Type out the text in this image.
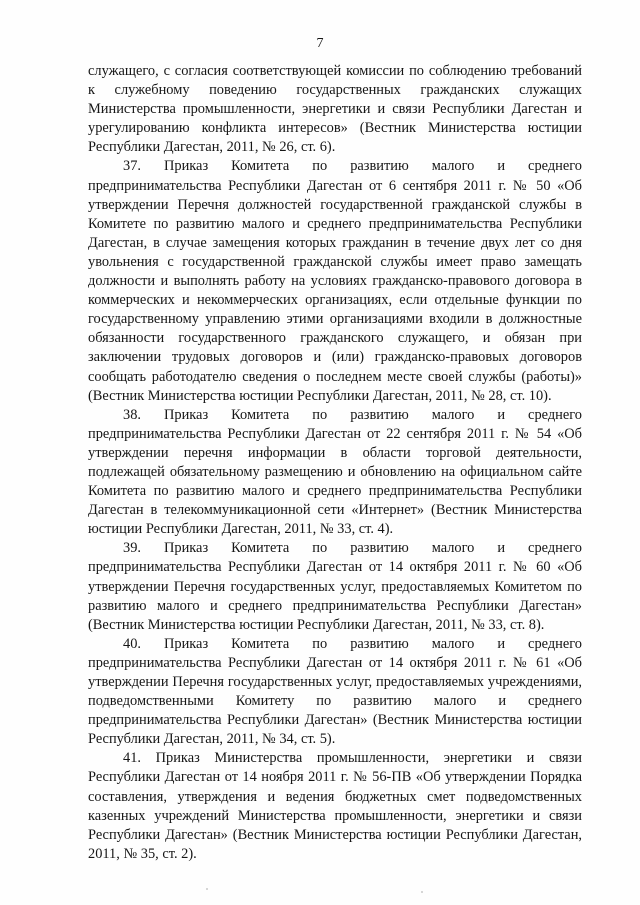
7

служащего, с согласия соответствующей комиссии по соблюдению требований к служебному поведению государственных гражданских служащих Министерства промышленности, энергетики и связи Республики Дагестан и урегулированию конфликта интересов» (Вестник Министерства юстиции Республики Дагестан, 2011, № 26, ст. 6).

37. Приказ Комитета по развитию малого и среднего предпринимательства Республики Дагестан от 6 сентября 2011 г. № 50 «Об утверждении Перечня должностей государственной гражданской службы в Комитете по развитию малого и среднего предпринимательства Республики Дагестан, в случае замещения которых гражданин в течение двух лет со дня увольнения с государственной гражданской службы имеет право замещать должности и выполнять работу на условиях гражданско-правового договора в коммерческих и некоммерческих организациях, если отдельные функции по государственному управлению этими организациями входили в должностные обязанности государственного гражданского служащего, и обязан при заключении трудовых договоров и (или) гражданско-правовых договоров сообщать работодателю сведения о последнем месте своей службы (работы)» (Вестник Министерства юстиции Республики Дагестан, 2011, № 28, ст. 10).

38. Приказ Комитета по развитию малого и среднего предпринимательства Республики Дагестан от 22 сентября 2011 г. № 54 «Об утверждении перечня информации в области торговой деятельности, подлежащей обязательному размещению и обновлению на официальном сайте Комитета по развитию малого и среднего предпринимательства Республики Дагестан в телекоммуникационной сети «Интернет» (Вестник Министерства юстиции Республики Дагестан, 2011, № 33, ст. 4).

39. Приказ Комитета по развитию малого и среднего предпринимательства Республики Дагестан от 14 октября 2011 г. № 60 «Об утверждении Перечня государственных услуг, предоставляемых Комитетом по развитию малого и среднего предпринимательства Республики Дагестан» (Вестник Министерства юстиции Республики Дагестан, 2011, № 33, ст. 8).

40. Приказ Комитета по развитию малого и среднего предпринимательства Республики Дагестан от 14 октября 2011 г. № 61 «Об утверждении Перечня государственных услуг, предоставляемых учреждениями, подведомственными Комитету по развитию малого и среднего предпринимательства Республики Дагестан» (Вестник Министерства юстиции Республики Дагестан, 2011, № 34, ст. 5).

41. Приказ Министерства промышленности, энергетики и связи Республики Дагестан от 14 ноября 2011 г. № 56-ПВ «Об утверждении Порядка составления, утверждения и ведения бюджетных смет подведомственных казенных учреждений Министерства промышленности, энергетики и связи Республики Дагестан» (Вестник Министерства юстиции Республики Дагестан, 2011, № 35, ст. 2).
